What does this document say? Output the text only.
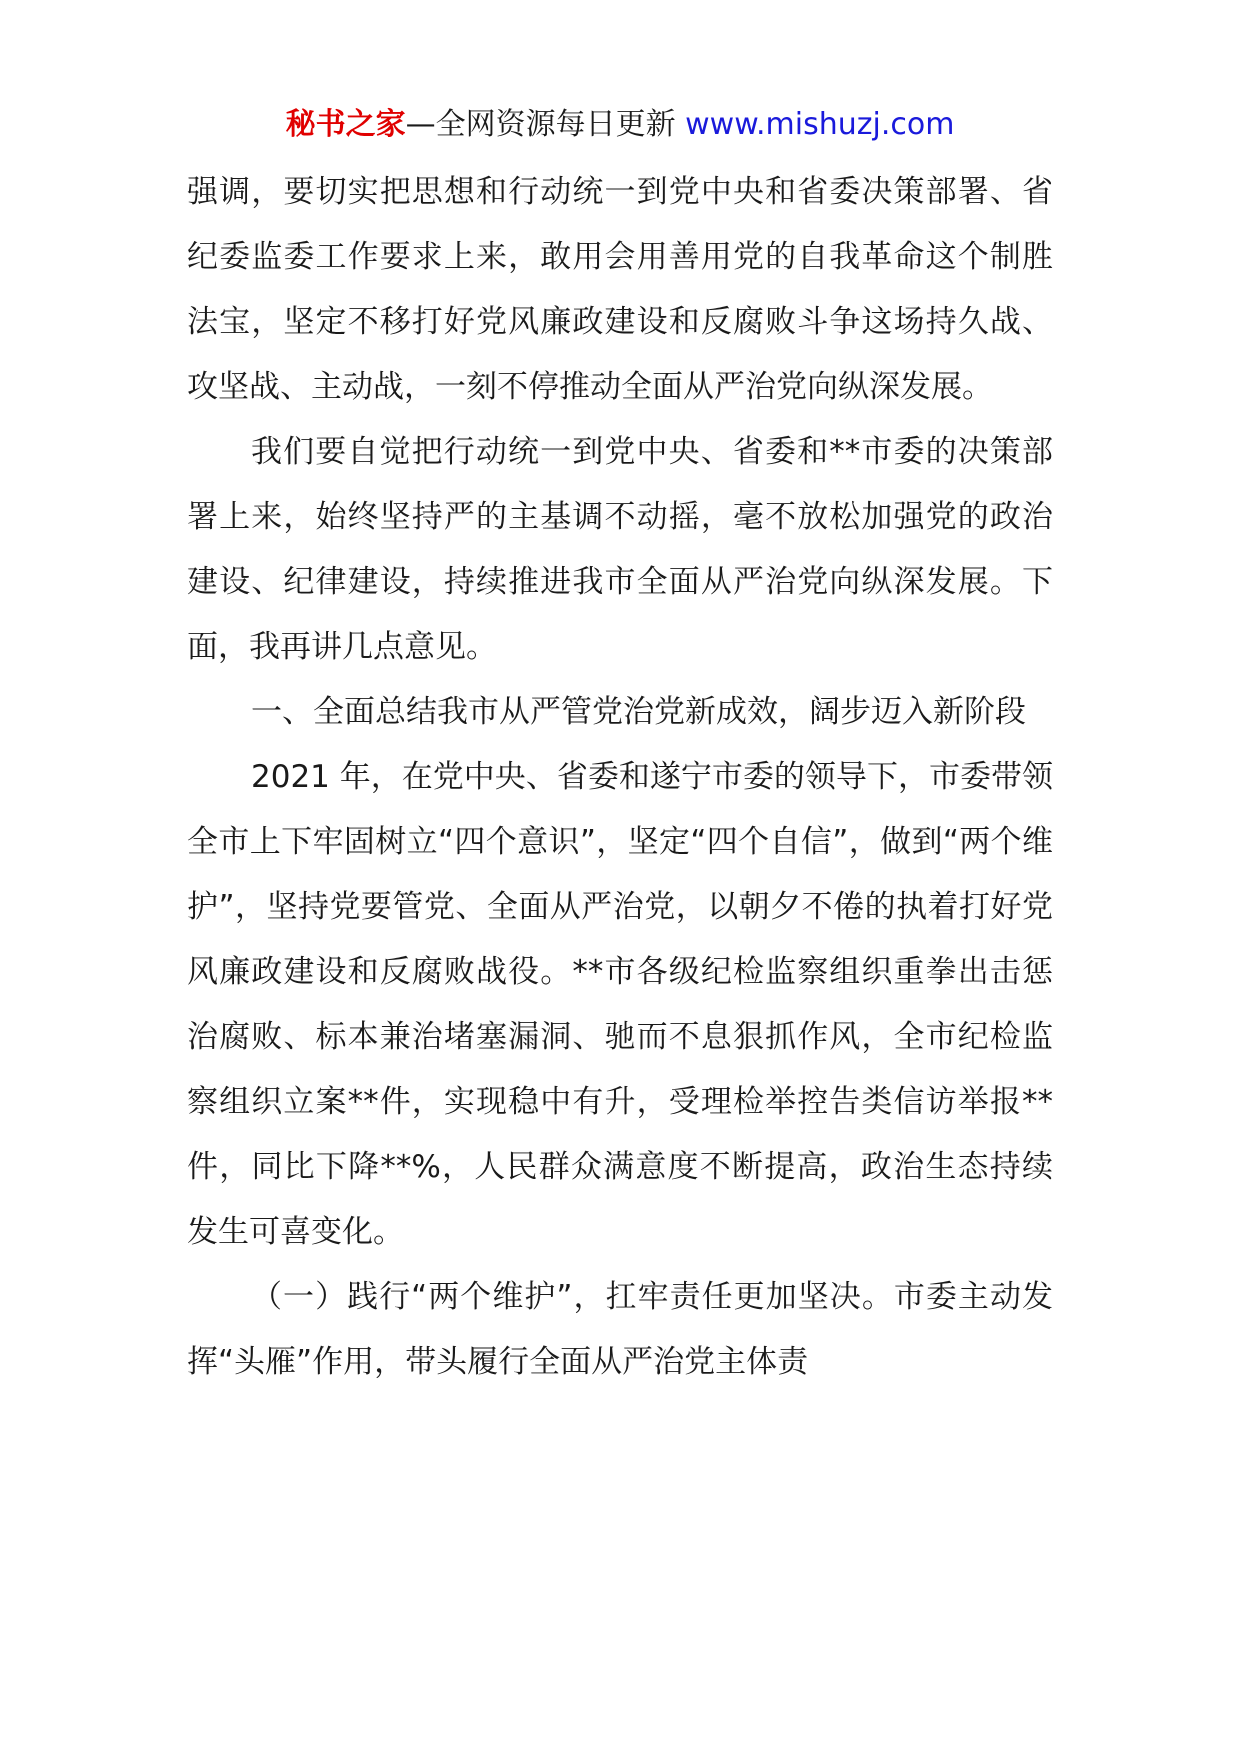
秘书之家—全网资源每日更新 www.mishuzj.com

强调，要切实把思想和行动统一到党中央和省委决策部署、省纪委监委工作要求上来，敢用会用善用党的自我革命这个制胜法宝，坚定不移打好党风廉政建设和反腐败斗争这场持久战、攻坚战、主动战，一刻不停推动全面从严治党向纵深发展。

我们要自觉把行动统一到党中央、省委和**市委的决策部署上来，始终坚持严的主基调不动摇，毫不放松加强党的政治建设、纪律建设，持续推进我市全面从严治党向纵深发展。下面，我再讲几点意见。

一、全面总结我市从严管党治党新成效，阔步迈入新阶段

2021 年，在党中央、省委和遂宁市委的领导下，市委带领全市上下牢固树立“四个意识”，坚定“四个自信”，做到“两个维护”，坚持党要管党、全面从严治党，以朝夕不倦的执着打好党风廉政建设和反腐败战役。**市各级纪检监察组织重拳出击惩治腐败、标本兼治堵塞漏洞、驰而不息狠抓作风，全市纪检监察组织立案**件，实现稳中有升，受理检举控告类信访举报**件，同比下降**%，人民群众满意度不断提高，政治生态持续发生可喜变化。

（一）践行“两个维护”，扛牢责任更加坚决。市委主动发挥“头雁”作用，带头履行全面从严治党主体责
